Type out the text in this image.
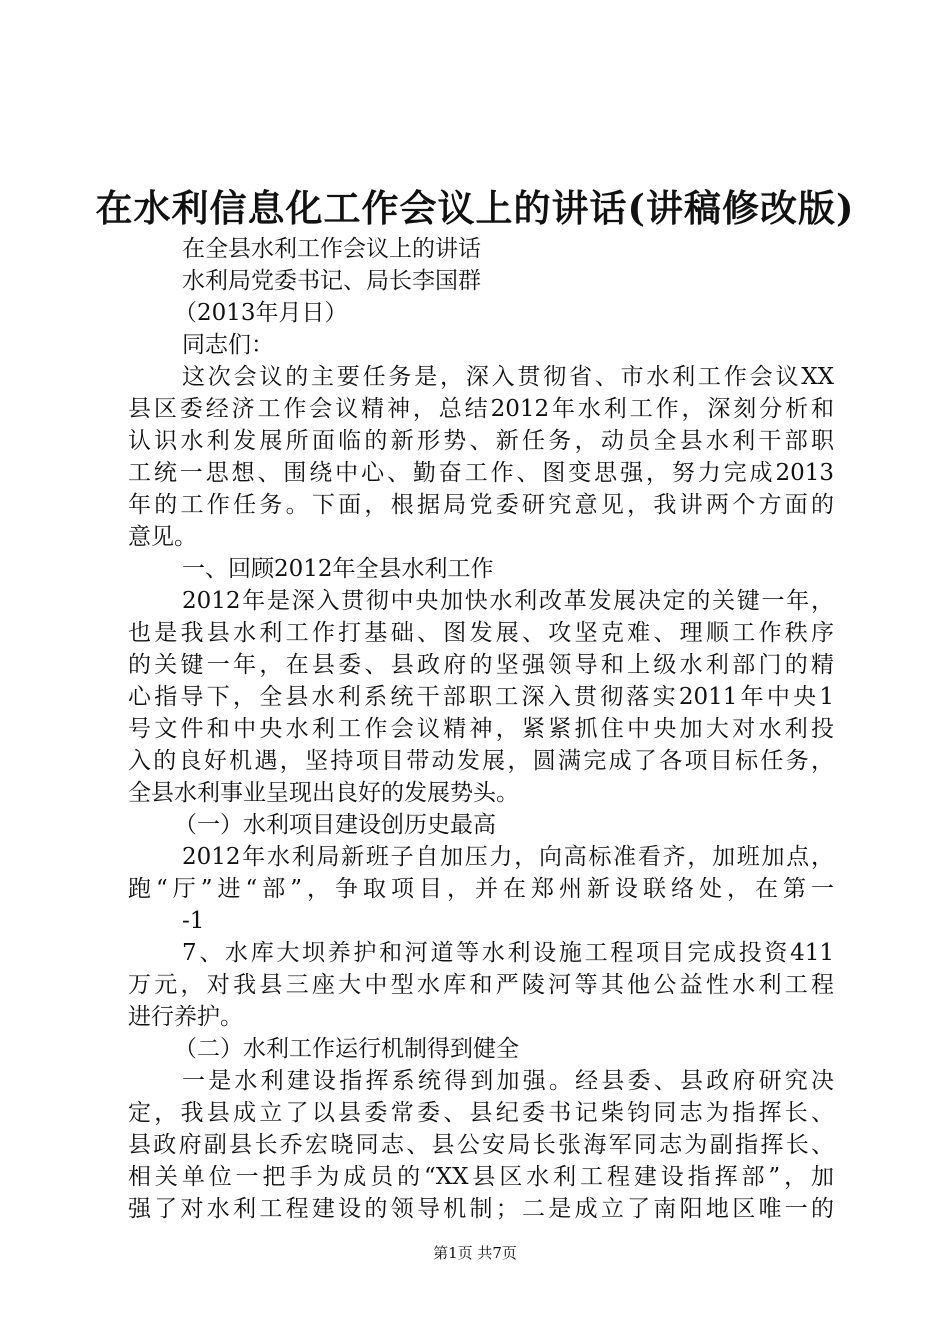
在水利信息化工作会议上的讲话(讲稿修改版)
在全县水利工作会议上的讲话
水利局党委书记、局长李国群
（2013年月日）
同志们：
这次会议的主要任务是，深入贯彻省、市水利工作会议XX
县区委经济工作会议精神，总结2012年水利工作，深刻分析和
认识水利发展所面临的新形势、新任务，动员全县水利干部职
工统一思想、围绕中心、勤奋工作、图变思强，努力完成2013
年的工作任务。下面，根据局党委研究意见，我讲两个方面的
意见。
一、回顾2012年全县水利工作
2012年是深入贯彻中央加快水利改革发展决定的关键一年，
也是我县水利工作打基础、图发展、攻坚克难、理顺工作秩序
的关键一年，在县委、县政府的坚强领导和上级水利部门的精
心指导下，全县水利系统干部职工深入贯彻落实2011年中央1
号文件和中央水利工作会议精神，紧紧抓住中央加大对水利投
入的良好机遇，坚持项目带动发展，圆满完成了各项目标任务，
全县水利事业呈现出良好的发展势头。
（一）水利项目建设创历史最高
2012年水利局新班子自加压力，向高标准看齐，加班加点，
跑“厅”进“部”，争取项目，并在郑州新设联络处，在第一
-1
7、水库大坝养护和河道等水利设施工程项目完成投资411
万元，对我县三座大中型水库和严陵河等其他公益性水利工程
进行养护。
（二）水利工作运行机制得到健全
一是水利建设指挥系统得到加强。经县委、县政府研究决
定，我县成立了以县委常委、县纪委书记柴钧同志为指挥长、
县政府副县长乔宏晓同志、县公安局长张海军同志为副指挥长、
相关单位一把手为成员的“XX县区水利工程建设指挥部”，加
强了对水利工程建设的领导机制；二是成立了南阳地区唯一的
第1页 共7页
